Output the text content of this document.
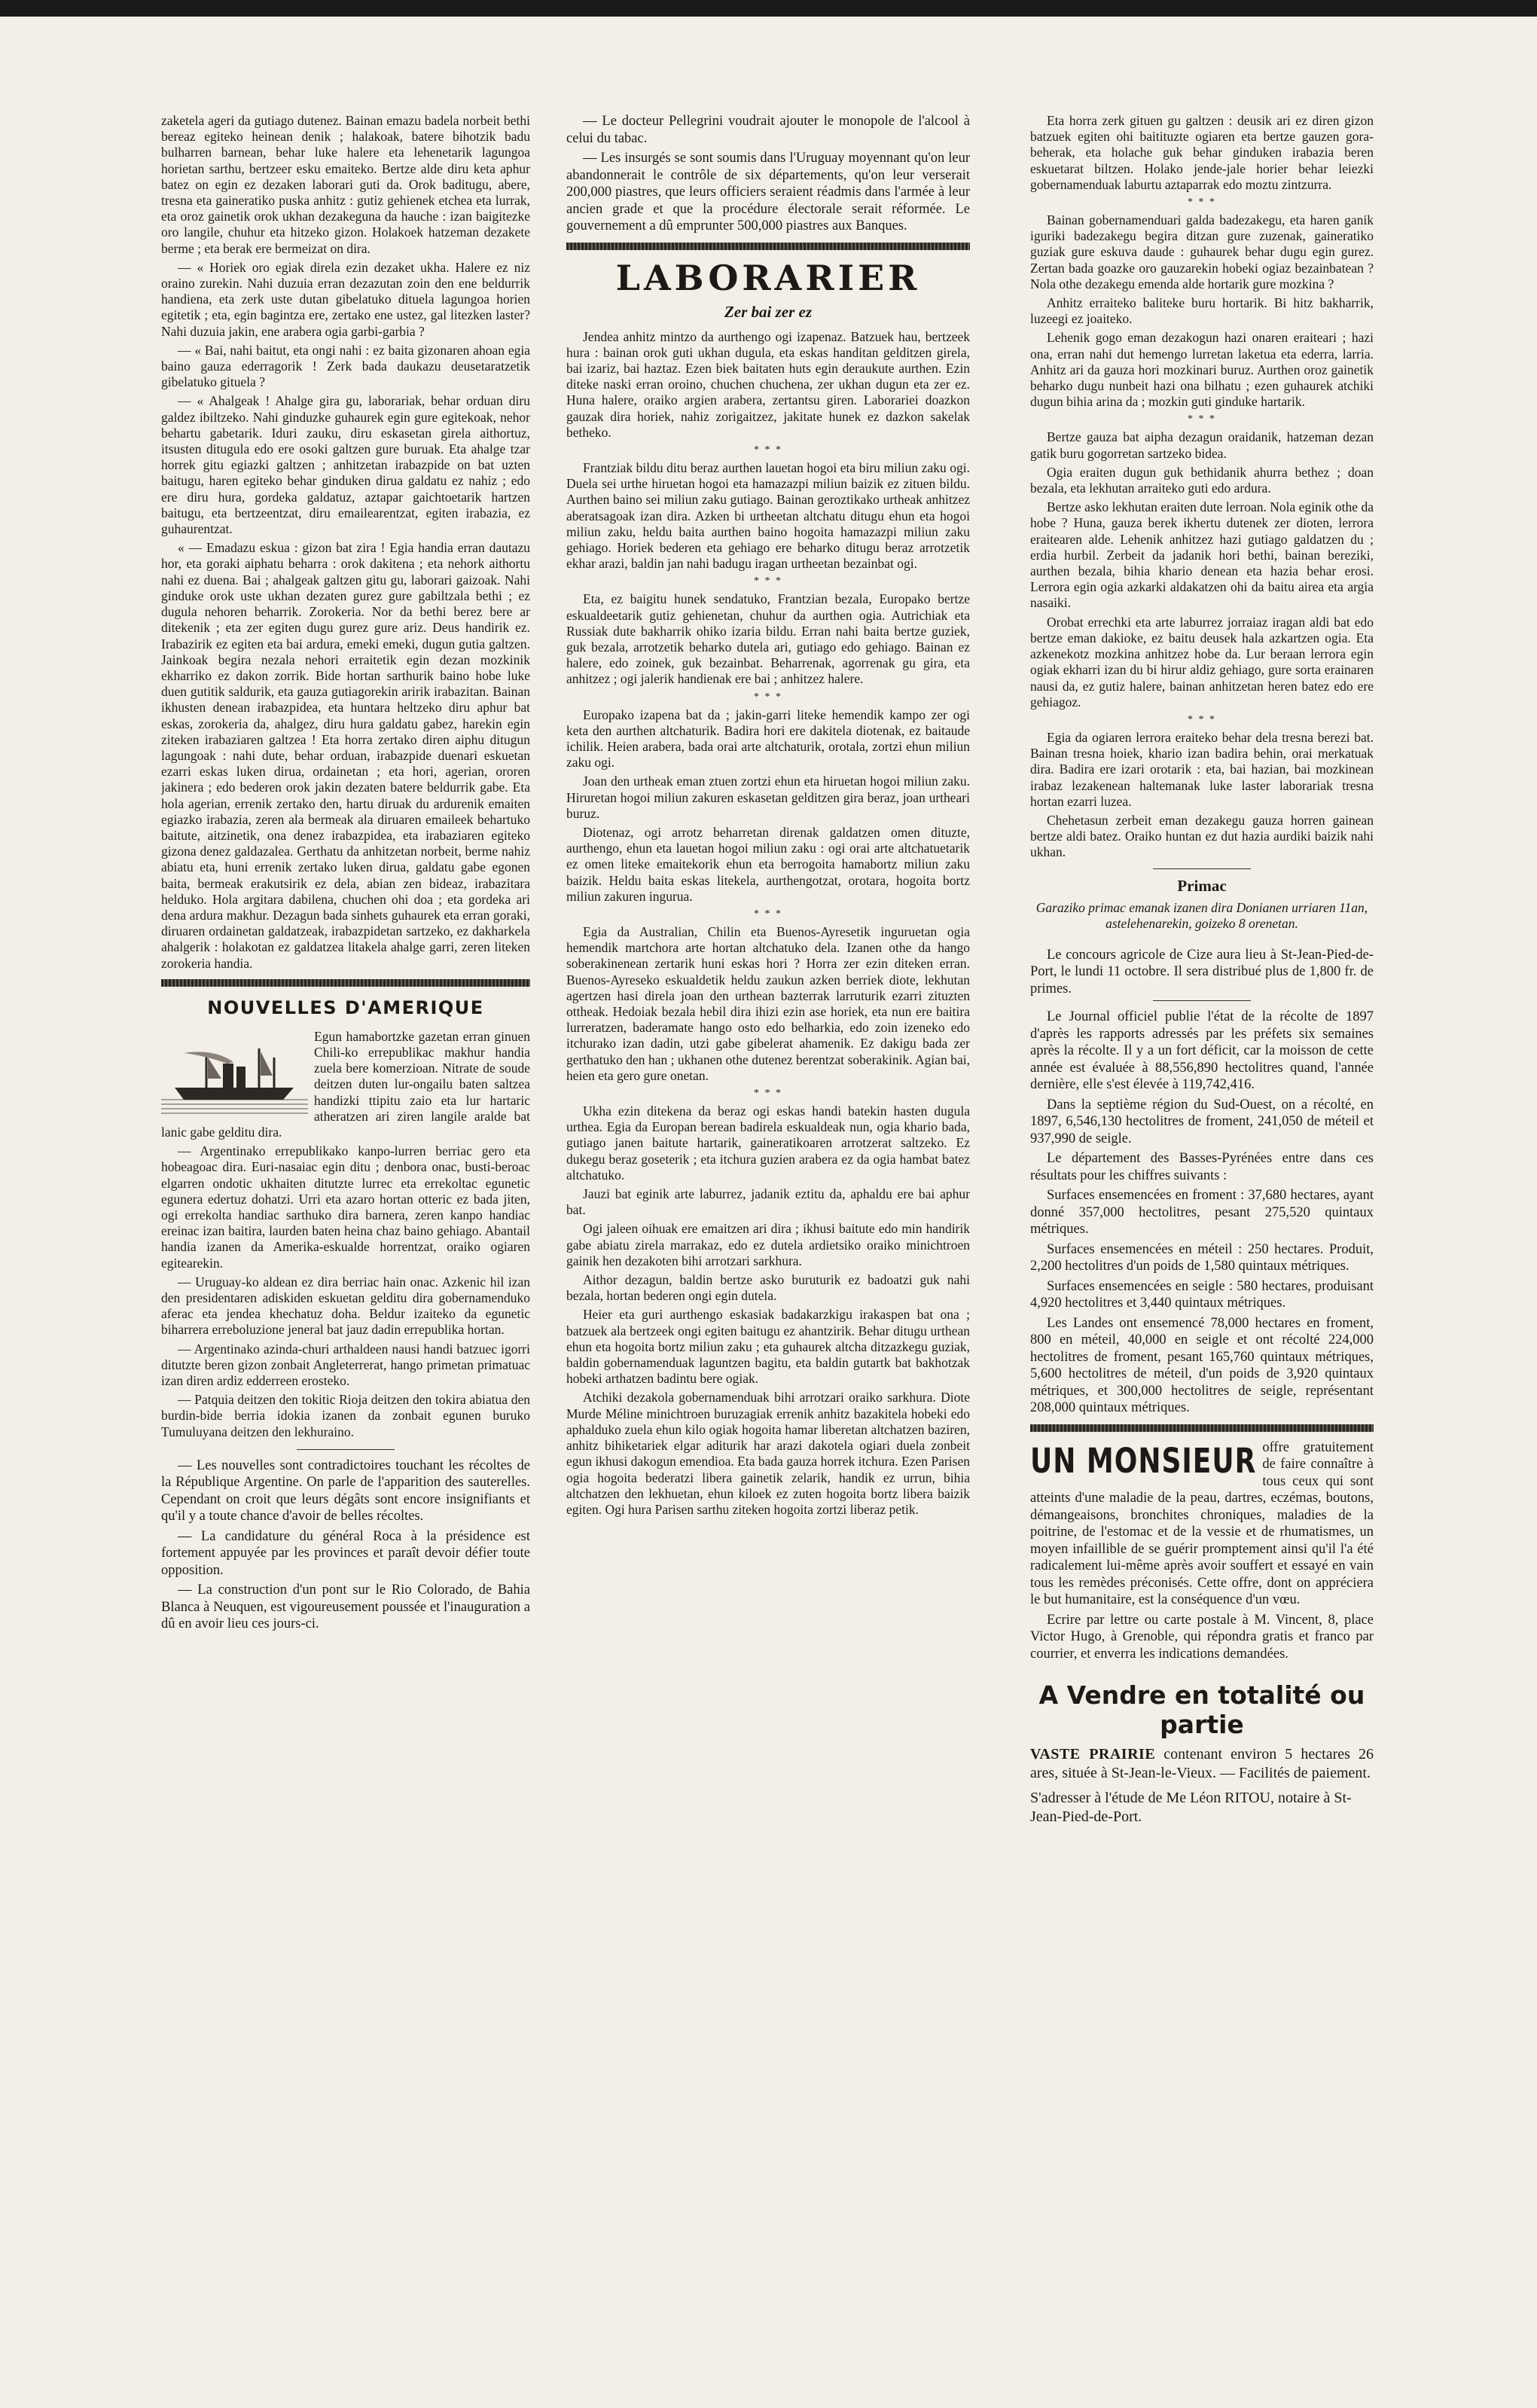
zaketela ageri da gutiago dutenez. Bainan emazu badela norbeit bethi bereaz egiteko heinean denik ; halakoak, batere bihotzik badu bulharren barnean, behar luke halere eta lehenetarik lagungoa horietan sarthu, bertzeer esku emaiteko. Bertze alde diru keta aphur batez on egin ez dezaken laborari guti da. Orok baditugu, abere, tresna eta gaineratiko puska anhitz : gutiz gehienek etchea eta lurrak, eta oroz gainetik orok ukhan dezakeguna da hauche : izan baigitezke oro langile, chuhur eta hitzeko gizon. Holakoek hatzeman dezakete berme ; eta berak ere bermeizat on dira.

— « Horiek oro egiak direla ezin dezaket ukha. Halere ez niz oraino zurekin. Nahi duzuia erran dezazutan zoin den ene beldurrik handiena, eta zerk uste dutan gibelatuko dituela lagungoa horien egitetik ; eta, egin bagintza ere, zertako ene ustez, gal litezken laster? Nahi duzuia jakin, ene arabera ogia garbi-garbia ?

— « Bai, nahi baitut, eta ongi nahi : ez baita gizonaren ahoan egia baino gauza ederragorik ! Zerk bada daukazu deusetaratzetik gibelatuko gituela ?

— « Ahalgeak ! Ahalge gira gu, laborariak, behar orduan diru galdez ibiltzeko. Nahi ginduzke guhaurek egin gure egitekoak, nehor behartu gabetarik. Iduri zauku, diru eskasetan girela aithortuz, itsusten ditugula edo ere osoki galtzen gure buruak. Eta ahalge tzar horrek gitu egiazki galtzen ; anhitzetan irabazpide on bat uzten baitugu, haren egiteko behar ginduken dirua galdatu ez nahiz ; edo ere diru hura, gordeka galdatuz, aztapar gaichtoetarik hartzen baitugu, eta bertzeentzat, diru emailearentzat, egiten irabazia, ez guhaurentzat.

« — Emadazu eskua : gizon bat zira ! Egia handia erran dautazu hor, eta goraki aiphatu beharra : orok dakitena ; eta nehork aithortu nahi ez duena. Bai ; ahalgeak galtzen gitu gu, laborari gaizoak. Nahi ginduke orok uste ukhan dezaten gurez gure gabiltzala bethi ; ez dugula nehoren beharrik. Zorokeria. Nor da bethi berez bere ar ditekenik ; eta zer egiten dugu gurez gure ariz. Deus handirik ez. Irabazirik ez egiten eta bai ardura, emeki emeki, dugun gutia galtzen. Jainkoak begira nezala nehori erraitetik egin dezan mozkinik ekharriko ez dakon zorrik. Bide hortan sarthurik baino hobe luke duen gutitik saldurik, eta gauza gutiagorekin aririk irabazitan. Bainan ikhusten denean irabazpidea, eta huntara heltzeko diru aphur bat eskas, zorokeria da, ahalgez, diru hura galdatu gabez, harekin egin ziteken irabaziaren galtzea ! Eta horra zertako diren aiphu ditugun lagungoak : nahi dute, behar orduan, irabazpide duenari eskuetan ezarri eskas luken dirua, ordainetan ; eta hori, agerian, ororen jakinera ; edo bederen orok jakin dezaten batere beldurrik gabe. Eta hola agerian, errenik zertako den, hartu diruak du ardurenik emaiten egiazko irabazia, zeren ala bermeak ala diruaren emaileek behartuko baitute, aitzinetik, ona denez irabazpidea, eta irabaziaren egiteko gizona denez galdazalea. Gerthatu da anhitzetan norbeit, berme nahiz abiatu eta, huni errenik zertako luken dirua, galdatu gabe egonen baita, bermeak erakutsirik ez dela, abian zen bideaz, irabazitara helduko. Hola argitara dabilena, chuchen ohi doa ; eta gordeka ari dena ardura makhur. Dezagun bada sinhets guhaurek eta erran goraki, diruaren ordainetan galdatzeak, irabazpidetan sartzeko, ez dakharkela ahalgerik : holakotan ez galdatzea litakela ahalge garri, zeren liteken zorokeria handia.

NOUVELLES D'AMERIQUE

Egun hamabortzke gazetan erran ginuen Chili-ko errepublikac makhur handia zuela bere komerzioan. Nitrate de soude deitzen duten lur-ongailu baten saltzea handizki ttipitu zaio eta lur hartaric atheratzen ari ziren langile aralde bat lanic gabe gelditu dira.

— Argentinako errepublikako kanpo-lurren berriac gero eta hobeagoac dira. Euri-nasaiac egin ditu ; denbora onac, busti-beroac elgarren ondotic ukhaiten ditutzte lurrec eta errekoltac egunetic egunera edertuz dohatzi. Urri eta azaro hortan otteric ez bada jiten, ogi errekolta handiac sarthuko dira barnera, zeren kanpo handiac ereinac izan baitira, laurden baten heina chaz baino gehiago. Abantail handia izanen da Amerika-eskualde horrentzat, oraiko ogiaren egitearekin.

— Uruguay-ko aldean ez dira berriac hain onac. Azkenic hil izan den presidentaren adiskiden eskuetan gelditu dira gobernamenduko aferac eta jendea khechatuz doha. Beldur izaiteko da egunetic biharrera erreboluzione jeneral bat jauz dadin errepublika hortan.

— Argentinako azinda-churi arthaldeen nausi handi batzuec igorri ditutzte beren gizon zonbait Angleterrerat, hango primetan primatuac izan diren ardiz edderreen erosteko.

— Patquia deitzen den tokitic Rioja deitzen den tokira abiatua den burdin-bide berria idokia izanen da zonbait egunen buruko Tumuluyana deitzen den lekhuraino.

— Les nouvelles sont contradictoires touchant les récoltes de la République Argentine. On parle de l'apparition des sauterelles. Cependant on croit que leurs dégâts sont encore insignifiants et qu'il y a toute chance d'avoir de belles récoltes.

— La candidature du général Roca à la présidence est fortement appuyée par les provinces et paraît devoir défier toute opposition.

— La construction d'un pont sur le Rio Colorado, de Bahia Blanca à Neuquen, est vigoureusement poussée et l'inauguration a dû en avoir lieu ces jours-ci.

— Le docteur Pellegrini voudrait ajouter le monopole de l'alcool à celui du tabac.

— Les insurgés se sont soumis dans l'Uruguay moyennant qu'on leur abandonnerait le contrôle de six départements, qu'on leur verserait 200,000 piastres, que leurs officiers seraient réadmis dans l'armée à leur ancien grade et que la procédure électorale serait réformée. Le gouvernement a dû emprunter 500,000 piastres aux Banques.

LABORARIER
Zer bai zer ez

Jendea anhitz mintzo da aurthengo ogi izapenaz. Batzuek hau, bertzeek hura : bainan orok guti ukhan dugula, eta eskas handitan gelditzen girela, bai izariz, bai haztaz. Ezen biek baitaten huts egin deraukute aurthen. Ezin diteke naski erran oroino, chuchen chuchena, zer ukhan dugun eta zer ez. Huna halere, oraiko argien arabera, zertantsu giren. Laborariei doazkon gauzak dira horiek, nahiz zorigaitzez, jakitate hunek ez dazkon sakelak betheko.

* * *

Frantziak bildu ditu beraz aurthen lauetan hogoi eta biru miliun zaku ogi. Duela sei urthe hiruetan hogoi eta hamazazpi miliun baizik ez zituen bildu. Aurthen baino sei miliun zaku gutiago. Bainan geroztikako urtheak anhitzez aberatsagoak izan dira. Azken bi urtheetan altchatu ditugu ehun eta hogoi miliun zaku, heldu baita aurthen baino hogoita hamazazpi miliun zaku gehiago. Horiek bederen eta gehiago ere beharko ditugu beraz arrotzetik ekhar arazi, baldin jan nahi badugu iragan urtheetan bezainbat ogi.

* * *

Eta, ez baigitu hunek sendatuko, Frantzian bezala, Europako bertze eskualdeetarik gutiz gehienetan, chuhur da aurthen ogia. Autrichiak eta Russiak dute bakharrik ohiko izaria bildu. Erran nahi baita bertze guziek, guk bezala, arrotzetik beharko dutela ari, gutiago edo gehiago. Bainan ez halere, edo zoinek, guk bezainbat. Beharrenak, agorrenak gu gira, eta anhitzez ; ogi jalerik handienak ere bai ; anhitzez halere.

* * *

Europako izapena bat da ; jakin-garri liteke hemendik kampo zer ogi keta den aurthen altchaturik. Badira hori ere dakitela diotenak, ez baitaude ichilik. Heien arabera, bada orai arte altchaturik, orotala, zortzi ehun miliun zaku ogi.

Joan den urtheak eman ztuen zortzi ehun eta hiruetan hogoi miliun zaku. Hiruretan hogoi miliun zakuren eskasetan gelditzen gira beraz, joan urtheari buruz.

Diotenaz, ogi arrotz beharretan direnak galdatzen omen dituzte, aurthengo, ehun eta lauetan hogoi miliun zaku : ogi orai arte altchatuetarik ez omen liteke emaitekorik ehun eta berrogoita hamabortz miliun zaku baizik. Heldu baita eskas litekela, aurthengotzat, orotara, hogoita bortz miliun zakuren ingurua.

* * *

Egia da Australian, Chilin eta Buenos-Ayresetik inguruetan ogia hemendik martchora arte hortan altchatuko dela. Izanen othe da hango soberakinenean zertarik huni eskas hori ? Horra zer ezin diteken erran. Buenos-Ayreseko eskualdetik heldu zaukun azken berriek diote, lekhutan agertzen hasi direla joan den urthean bazterrak larruturik ezarri zituzten ottheak. Hedoiak bezala hebil dira ihizi ezin ase horiek, eta nun ere baitira lurreratzen, baderamate hango osto edo belharkia, edo zoin izeneko edo itchurako izan dadin, utzi gabe gibelerat ahamenik. Ez dakigu bada zer gerthatuko den han ; ukhanen othe dutenez berentzat soberakinik. Agian bai, heien eta gero gure onetan.

* * *

Ukha ezin ditekena da beraz ogi eskas handi batekin hasten dugula urthea. Egia da Europan berean badirela eskualdeak nun, ogia khario bada, gutiago janen baitute hartarik, gaineratikoaren arrotzerat saltzeko. Ez dukegu beraz goseterik ; eta itchura guzien arabera ez da ogia hambat batez altchatuko.

Jauzi bat eginik arte laburrez, jadanik eztitu da, aphaldu ere bai aphur bat.

Ogi jaleen oihuak ere emaitzen ari dira ; ikhusi baitute edo min handirik gabe abiatu zirela marrakaz, edo ez dutela ardietsiko oraiko minichtroen gainik hen dezakoten bihi arrotzari sarkhura.

Aithor dezagun, baldin bertze asko buruturik ez badoatzi guk nahi bezala, hortan bederen ongi egin dutela.

Heier eta guri aurthengo eskasiak badakarzkigu irakaspen bat ona ; batzuek ala bertzeek ongi egiten baitugu ez ahantzirik. Behar ditugu urthean ehun eta hogoita bortz miliun zaku ; eta guhaurek altcha ditzazkegu guziak, baldin gobernamenduak laguntzen bagitu, eta baldin gutartk bat bakhotzak hobeki arthatzen badintu bere ogiak.

Atchiki dezakola gobernamenduak bihi arrotzari oraiko sarkhura. Diote Murde Méline minichtroen buruzagiak errenik anhitz bazakitela hobeki edo aphalduko zuela ehun kilo ogiak hogoita hamar liberetan altchatzen baziren, anhitz bihiketariek elgar aditurik har arazi dakotela ogiari duela zonbeit egun ikhusi dakogun emendioa. Eta bada gauza horrek itchura. Ezen Parisen ogia hogoita bederatzi libera gainetik zelarik, handik ez urrun, bihia altchatzen den lekhuetan, ehun kiloek ez zuten hogoita bortz libera baizik egiten. Ogi hura Parisen sarthu ziteken hogoita zortzi liberaz petik.

Eta horra zerk gituen gu galtzen : deusik ari ez diren gizon batzuek egiten ohi baitituzte ogiaren eta bertze gauzen gora-beherak, eta holache guk behar ginduken irabazia beren eskuetarat biltzen. Holako jende-jale horier behar leiezki gobernamenduak laburtu aztaparrak edo moztu zintzurra.

* * *

Bainan gobernamenduari galda badezakegu, eta haren ganik iguriki badezakegu begira ditzan gure zuzenak, gaineratiko guziak gure eskuva daude : guhaurek behar dugu egin gurez. Zertan bada goazke oro gauzarekin hobeki ogiaz bezainbatean ? Nola othe dezakegu emenda alde hortarik gure mozkina ?

Anhitz erraiteko baliteke buru hortarik. Bi hitz bakharrik, luzeegi ez joaiteko.

Lehenik gogo eman dezakogun hazi onaren eraiteari ; hazi ona, erran nahi dut hemengo lurretan laketua eta ederra, larria. Anhitz ari da gauza hori mozkinari buruz. Aurthen oroz gainetik beharko dugu nunbeit hazi ona bilhatu ; ezen guhaurek atchiki dugun bihia arina da ; mozkin guti ginduke hartarik.

* * *

Bertze gauza bat aipha dezagun oraidanik, hatzeman dezan gatik buru gogorretan sartzeko bidea.

Ogia eraiten dugun guk bethidanik ahurra bethez ; doan bezala, eta lekhutan arraiteko guti edo ardura.

Bertze asko lekhutan eraiten dute lerroan. Nola eginik othe da hobe ? Huna, gauza berek ikhertu dutenek zer dioten, lerrora eraitearen alde. Lehenik anhitzez hazi gutiago galdatzen du ; erdia hurbil. Zerbeit da jadanik hori bethi, bainan bereziki, aurthen bezala, bihia khario denean eta hazia behar erosi. Lerrora egin ogia azkarki aldakatzen ohi da baitu airea eta argia nasaiki.

Orobat errechki eta arte laburrez jorraiaz iragan aldi bat edo bertze eman dakioke, ez baitu deusek hala azkartzen ogia. Eta azkenekotz mozkina anhitzez hobe da. Lur beraan lerrora egin ogiak ekharri izan du bi hirur aldiz gehiago, gure sorta erainaren nausi da, ez gutiz halere, bainan anhitzetan heren batez edo ere gehiagoz.

* * *

Egia da ogiaren lerrora eraiteko behar dela tresna berezi bat. Bainan tresna hoiek, khario izan badira behin, orai merkatuak dira. Badira ere izari orotarik : eta, bai hazian, bai mozkinean irabaz lezakenean haltemanak luke laster laborariak tresna hortan ezarri luzea.

Chehetasun zerbeit eman dezakegu gauza horren gainean bertze aldi batez. Oraiko huntan ez dut hazia aurdiki baizik nahi ukhan.

Primac
Garaziko primac emanak izanen dira Donianen urriaren 11an, astelehenarekin, goizeko 8 orenetan.

Le concours agricole de Cize aura lieu à St-Jean-Pied-de-Port, le lundi 11 octobre. Il sera distribué plus de 1,800 fr. de primes.

Le Journal officiel publie l'état de la récolte de 1897 d'après les rapports adressés par les préfets six semaines après la récolte. Il y a un fort déficit, car la moisson de cette année est évaluée à 88,556,890 hectolitres quand, l'année dernière, elle s'est élevée à 119,742,416.

Dans la septième région du Sud-Ouest, on a récolté, en 1897, 6,546,130 hectolitres de froment, 241,050 de méteil et 937,990 de seigle.

Le département des Basses-Pyrénées entre dans ces résultats pour les chiffres suivants :

Surfaces ensemencées en froment : 37,680 hectares, ayant donné 357,000 hectolitres, pesant 275,520 quintaux métriques.

Surfaces ensemencées en méteil : 250 hectares. Produit, 2,200 hectolitres d'un poids de 1,580 quintaux métriques.

Surfaces ensemencées en seigle : 580 hectares, produisant 4,920 hectolitres et 3,440 quintaux métriques.

Les Landes ont ensemencé 78,000 hectares en froment, 800 en méteil, 40,000 en seigle et ont récolté 224,000 hectolitres de froment, pesant 165,760 quintaux métriques, 5,600 hectolitres de méteil, d'un poids de 3,920 quintaux métriques, et 300,000 hectolitres de seigle, représentant 208,000 quintaux métriques.

UN MONSIEUR offre gratuitement de faire connaître à tous ceux qui sont atteints d'une maladie de la peau, dartres, eczémas, boutons, démangeaisons, bronchites chroniques, maladies de la poitrine, de l'estomac et de la vessie et de rhumatismes, un moyen infaillible de se guérir promptement ainsi qu'il l'a été radicalement lui-même après avoir souffert et essayé en vain tous les remèdes préconisés. Cette offre, dont on appréciera le but humanitaire, est la conséquence d'un vœu.

Ecrire par lettre ou carte postale à M. Vincent, 8, place Victor Hugo, à Grenoble, qui répondra gratis et franco par courrier, et enverra les indications demandées.

A Vendre en totalité ou partie
VASTE PRAIRIE contenant environ 5 hectares 26 ares, située à St-Jean-le-Vieux. — Facilités de paiement.
S'adresser à l'étude de Me Léon RITOU, notaire à St-Jean-Pied-de-Port.
